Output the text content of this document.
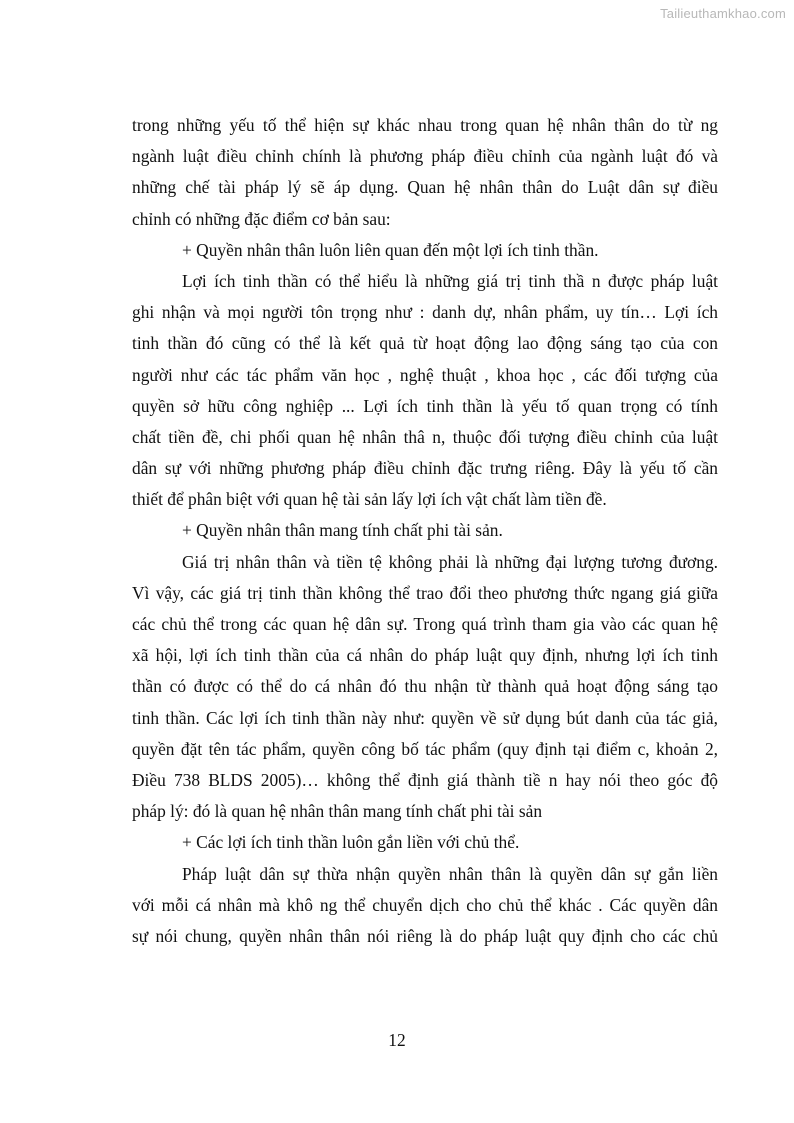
Tailieuthamkhao.com
trong những yếu tố thể hiện sự khác nhau trong quan hệ nhân thân do từ ng
ngành luật điều chỉnh chính là phương pháp điều chỉnh của ngành luật đó và
những chế tài pháp lý sẽ áp dụng. Quan hệ nhân thân do Luật dân sự điều
chỉnh có những đặc điểm cơ bản sau:
+ Quyền nhân thân luôn liên quan đến một lợi ích tinh thần.
Lợi ích tinh thần có thể hiểu là những giá trị tinh thầ n được pháp luật
ghi nhận và mọi người tôn trọng như : danh dự, nhân phẩm, uy tín… Lợi ích
tinh thần đó cũng có thể là kết quả từ hoạt động lao động sáng tạo của con
người như các tác phẩm văn học , nghệ thuật , khoa học , các đối tượng của
quyền sở hữu công nghiệp ... Lợi ích tinh thần là yếu tố quan trọng có tính
chất tiền đề, chi phối quan hệ nhân thâ n, thuộc đối tượng điều chỉnh của luật
dân sự với những phương pháp điều chỉnh đặc trưng riêng. Đây là yếu tố cần
thiết để phân biệt với quan hệ tài sản lấy lợi ích vật chất làm tiền đề.
+ Quyền nhân thân mang tính chất phi tài sản.
Giá trị nhân thân và tiền tệ không phải là những đại lượng tương đương.
Vì vậy, các giá trị tinh thần không thể trao đổi theo phương thức ngang giá giữa
các chủ thể trong các quan hệ dân sự. Trong quá trình tham gia vào các quan hệ
xã hội, lợi ích tinh thần của cá nhân do pháp luật quy định, nhưng lợi ích tinh
thần có được có thể do cá nhân đó thu nhận từ thành quả hoạt động sáng tạo
tinh thần. Các lợi ích tinh thần này như: quyền về sử dụng bút danh của tác giả,
quyền đặt tên tác phẩm, quyền công bố tác phẩm (quy định tại điểm c, khoản 2,
Điều 738 BLDS 2005)… không thể định giá thành tiề n hay nói theo góc độ
pháp lý: đó là quan hệ nhân thân mang tính chất phi tài sản
+ Các lợi ích tinh thần luôn gắn liền với chủ thể.
Pháp luật dân sự thừa nhận quyền nhân thân là quyền dân sự gắn liền
với mỗi cá nhân mà khô ng thể chuyển dịch cho chủ thể khác . Các quyền dân
sự nói chung, quyền nhân thân nói riêng là do pháp luật quy định cho các chủ
12
